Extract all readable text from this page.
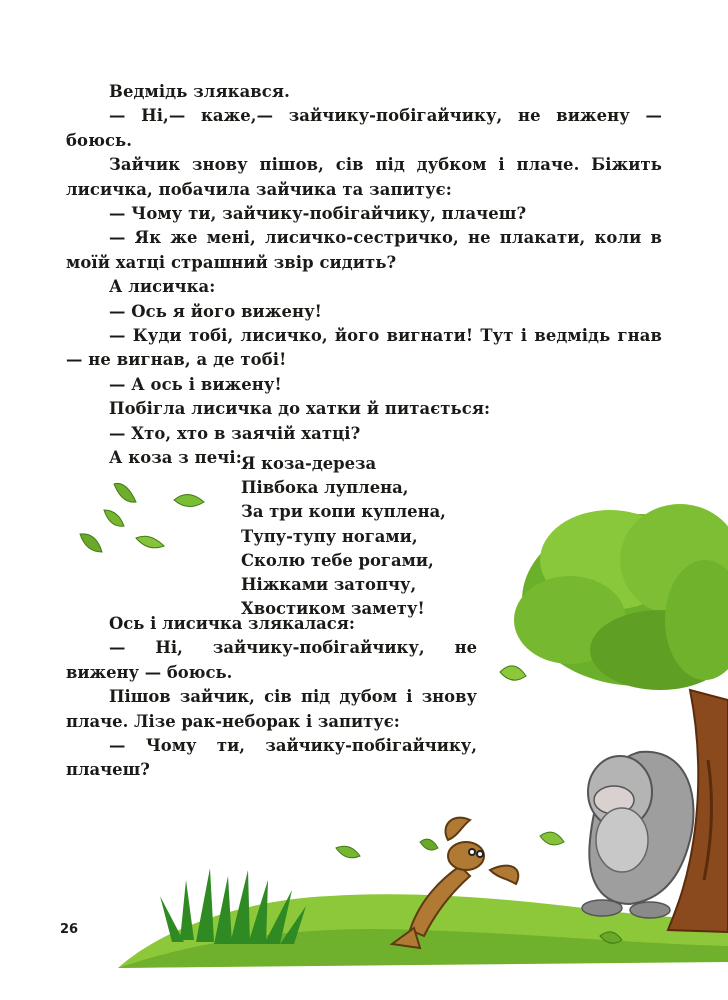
Ведмідь злякався.

— Ні,— каже,— зайчику-побігайчику, не вижену — боюсь.

Зайчик знову пішов, сів під дубком і плаче. Біжить лисичка, побачила зайчика та запитує:

— Чому ти, зайчику-побігайчику, плачеш?

— Як же мені, лисичко-сестричко, не плакати, коли в моїй хатці страшний звір сидить?

А лисичка:

— Ось я його вижену!

— Куди тобі, лисичко, його вигнати! Тут і ведмідь гнав — не вигнав, а де тобі!

— А ось і вижену!

Побігла лисичка до хатки й питається:

— Хто, хто в заячій хатці?

А коза з печі: Я коза-дереза
Півбока луплена,
За три копи куплена,
Тупу-тупу ногами,
Сколю тебе рогами,
Ніжками затопчу,
Хвостиком замету!

Ось і лисичка злякалася:

— Ні, зайчику-побігайчику, не вижену — боюсь.

Пішов зайчик, сів під дубом і знову плаче. Лізе рак-неборак і запитує:

— Чому ти, зайчику-побігайчику, плачеш?

26
